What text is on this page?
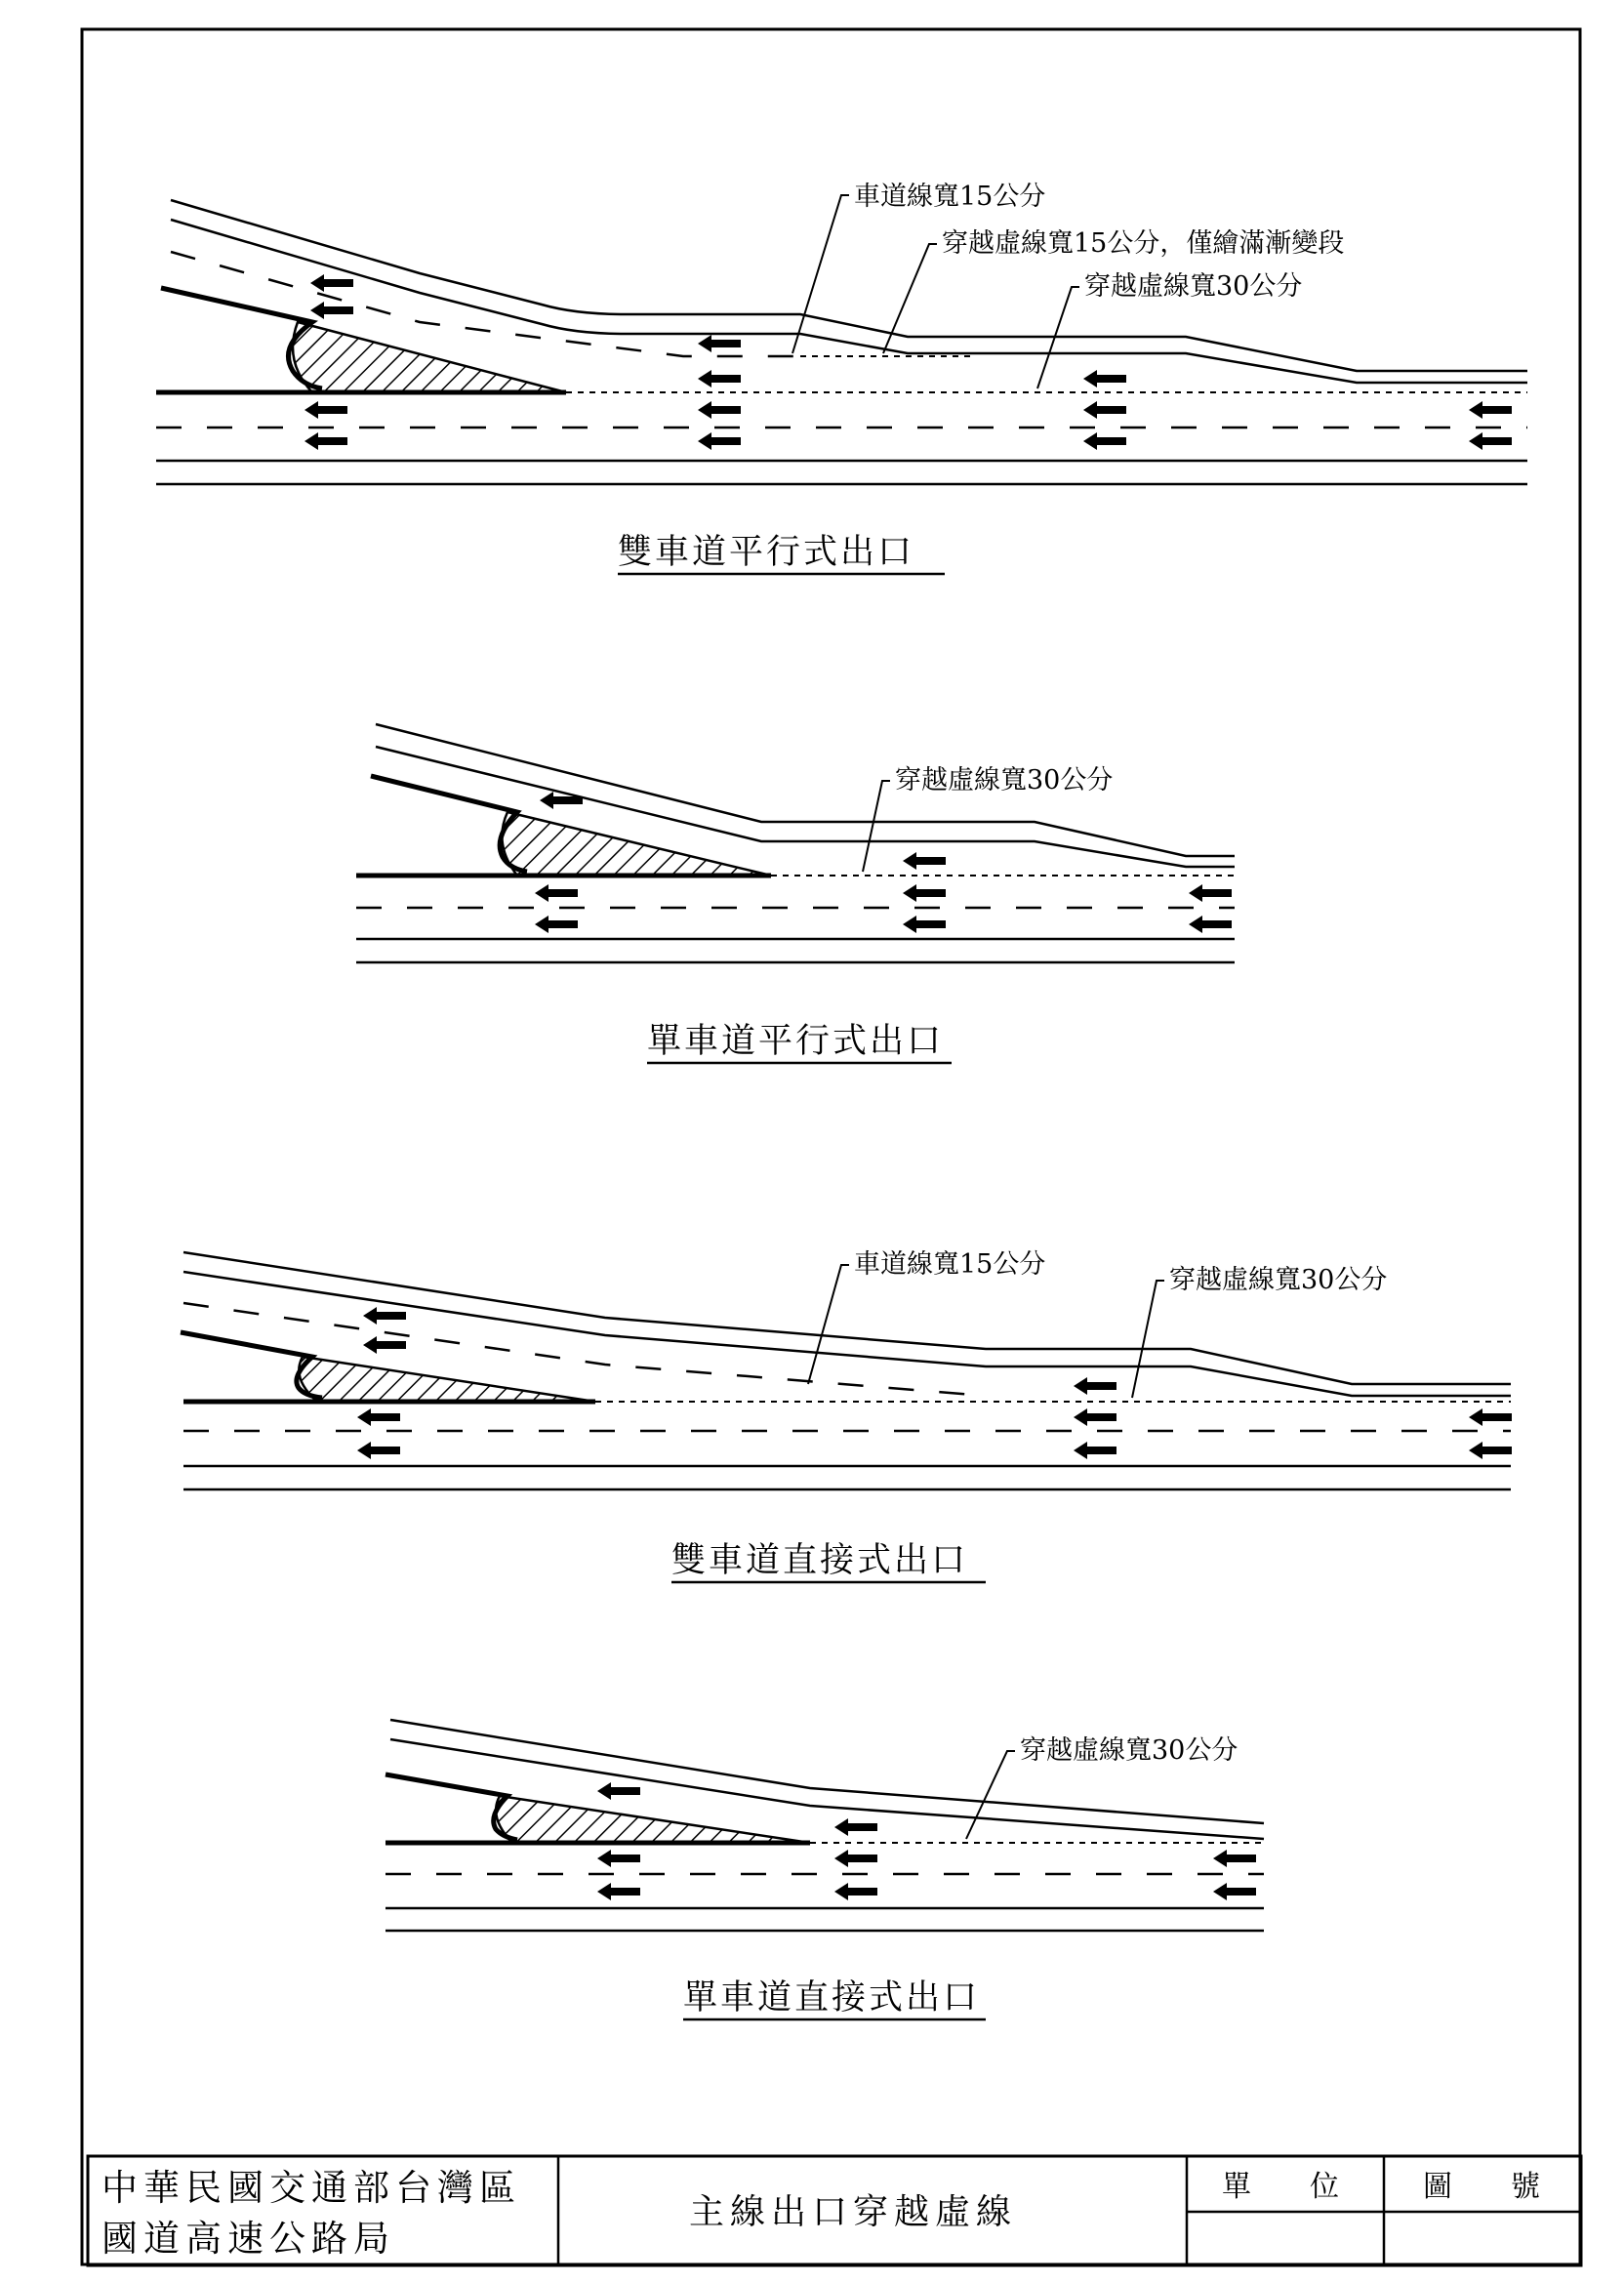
車道線寬15公分
穿越虛線寬15公分，僅繪滿漸變段
穿越虛線寬30公分
雙車道平行式出口
穿越虛線寬30公分
單車道平行式出口
車道線寬15公分
穿越虛線寬30公分
雙車道直接式出口
穿越虛線寬30公分
單車道直接式出口
中華民國交通部台灣區
國道高速公路局
主線出口穿越虛線
單　　位	圖　　號
